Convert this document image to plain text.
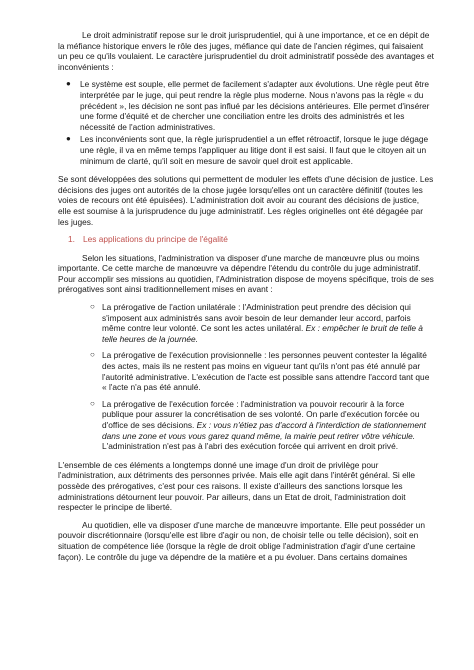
Le droit administratif repose sur le droit jurisprudentiel, qui à une importance, et ce en dépit de la méfiance historique envers le rôle des juges, méfiance qui date de l'ancien régimes, qui faisaient un peu ce qu'ils voulaient. Le caractère jurisprudentiel du droit administratif possède des avantages et inconvénients :

● Le système est souple, elle permet de facilement s'adapter aux évolutions. Une règle peut être interprétée par le juge, qui peut rendre la règle plus moderne. Nous n'avons pas la règle « du précédent », les décision ne sont pas influé par les décisions antérieures. Elle permet d'insérer une forme d'équité et de chercher une conciliation entre les droits des administrés et les nécessité de l'action administratives.
● Les inconvénients sont que, la règle jurisprudentiel a un effet rétroactif, lorsque le juge dégage une règle, il va en même temps l'appliquer au litige dont il est saisi. Il faut que le citoyen ait un minimum de clarté, qu'il soit en mesure de savoir quel droit est applicable.

Se sont développées des solutions qui permettent de moduler les effets d'une décision de justice. Les décisions des juges ont autorités de la chose jugée lorsqu'elles ont un caractère définitif (toutes les voies de recours ont été épuisées). L'administration doit avoir au courant des décisions de justice, elle est soumise à la jurisprudence du juge administratif. Les règles originelles ont été dégagée par les juges.

1. Les applications du principe de l'égalité

Selon les situations, l'administration va disposer d'une marche de manœuvre plus ou moins importante. Ce cette marche de manœuvre va dépendre l'étendu du contrôle du juge administratif. Pour accomplir ses missions au quotidien, l'Administration dispose de moyens spécifique, trois de ses prérogatives sont ainsi traditionnellement mises en avant :

○ La prérogative de l'action unilatérale : l'Administration peut prendre des décision qui s'imposent aux administrés sans avoir besoin de leur demander leur accord, parfois même contre leur volonté. Ce sont les actes unilatéral. Ex : empêcher le bruit de telle à telle heures de la journée.
○ La prérogative de l'exécution provisionnelle : les personnes peuvent contester la légalité des actes, mais ils ne restent pas moins en vigueur tant qu'ils n'ont pas été annulé par l'autorité administrative. L'exécution de l'acte est possible sans attendre l'accord tant que « l'acte n'a pas été annulé.
○ La prérogative de l'exécution forcée : l'administration va pouvoir recourir à la force publique pour assurer la concrétisation de ses volonté. On parle d'exécution forcée ou d'office de ses décisions. Ex : vous n'étiez pas d'accord à l'interdiction de stationnement dans une zone et vous vous garez quand même, la mairie peut retirer vôtre véhicule. L'administration n'est pas à l'abri des exécution forcée qui arrivent en droit privé.

L'ensemble de ces éléments a longtemps donné une image d'un droit de privilège pour l'administration, aux détriments des personnes privée. Mais elle agit dans l'intérêt général. Si elle possède des prérogatives, c'est pour ces raisons. Il existe d'ailleurs des sanctions lorsque les administrations détournent leur pouvoir. Par ailleurs, dans un Etat de droit, l'administration doit respecter le principe de liberté.

Au quotidien, elle va disposer d'une marche de manœuvre importante. Elle peut posséder un pouvoir discrétionnaire (lorsqu'elle est libre d'agir ou non, de choisir telle ou telle décision), soit en situation de compétence liée (lorsque la règle de droit oblige l'administration d'agir d'une certaine façon). Le contrôle du juge va dépendre de la matière et a pu évoluer. Dans certains domaines
